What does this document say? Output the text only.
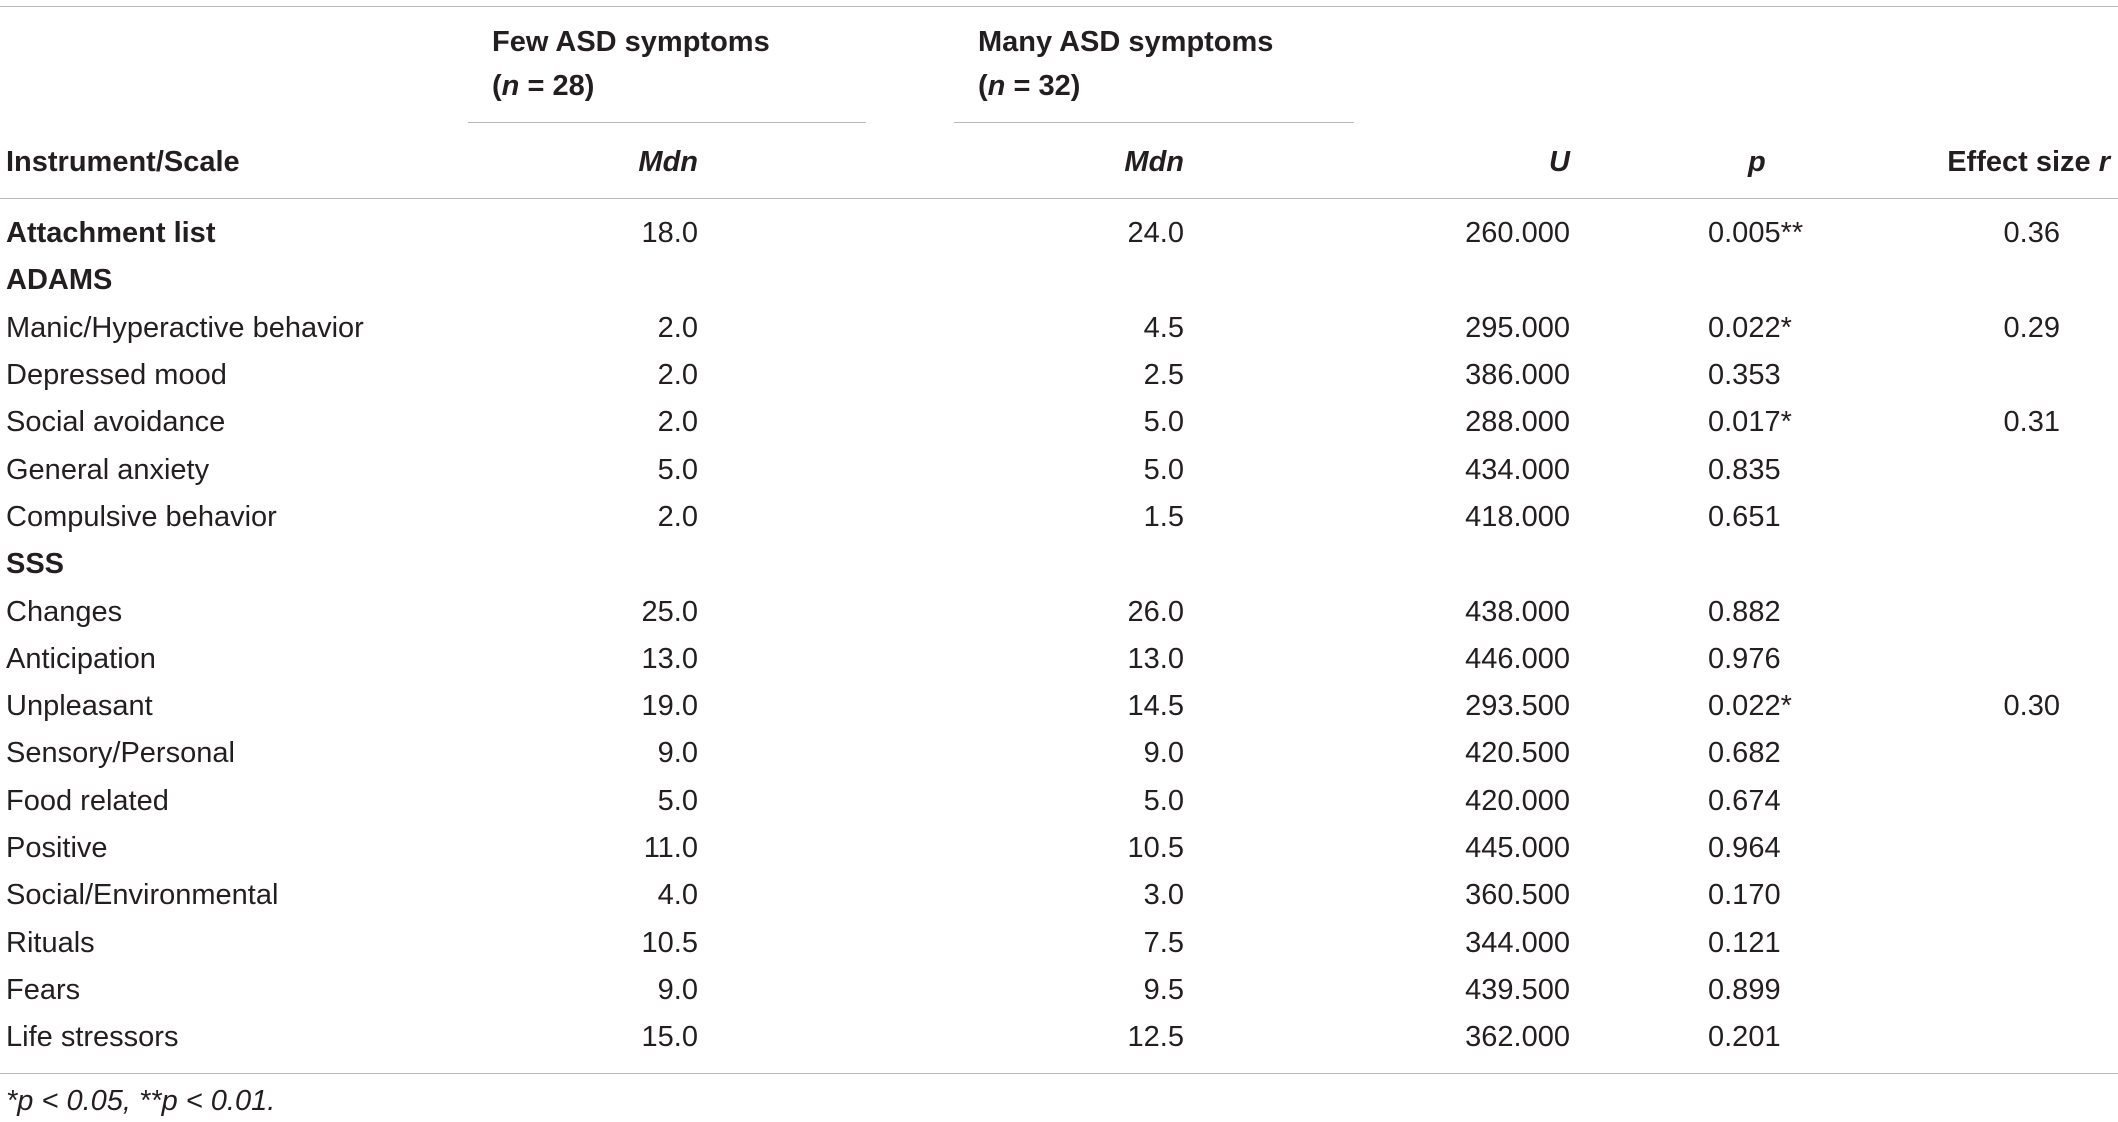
Few ASD symptoms
(n = 28)
Many ASD symptoms
(n = 32)
Instrument/Scale	Mdn	Mdn	U	p	Effect size r
Attachment list	18.0	24.0	260.000	0.005**	0.36
ADAMS
Manic/Hyperactive behavior	2.0	4.5	295.000	0.022*	0.29
Depressed mood	2.0	2.5	386.000	0.353
Social avoidance	2.0	5.0	288.000	0.017*	0.31
General anxiety	5.0	5.0	434.000	0.835
Compulsive behavior	2.0	1.5	418.000	0.651
SSS
Changes	25.0	26.0	438.000	0.882
Anticipation	13.0	13.0	446.000	0.976
Unpleasant	19.0	14.5	293.500	0.022*	0.30
Sensory/Personal	9.0	9.0	420.500	0.682
Food related	5.0	5.0	420.000	0.674
Positive	11.0	10.5	445.000	0.964
Social/Environmental	4.0	3.0	360.500	0.170
Rituals	10.5	7.5	344.000	0.121
Fears	9.0	9.5	439.500	0.899
Life stressors	15.0	12.5	362.000	0.201
*p < 0.05, **p < 0.01.
